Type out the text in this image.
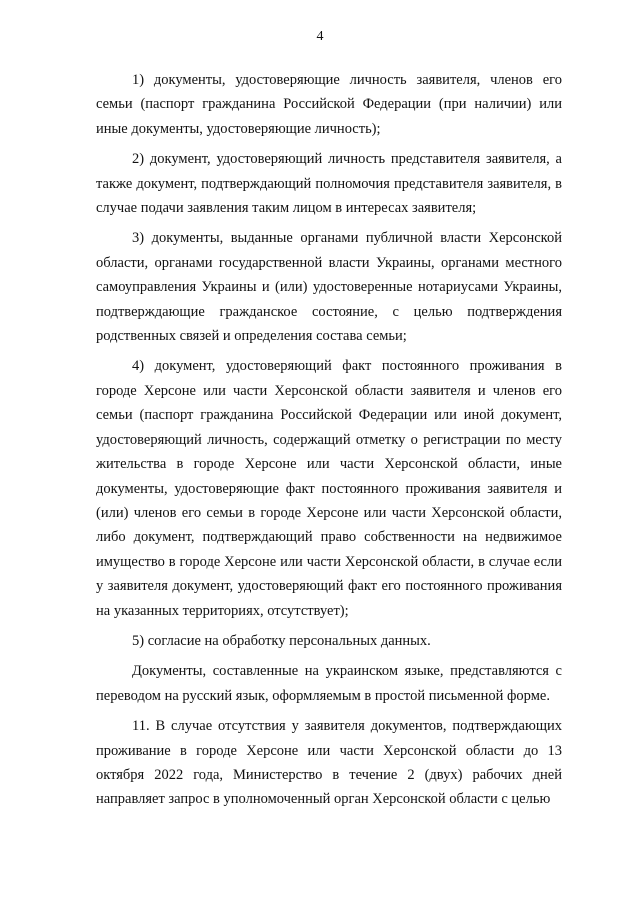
4

1) документы, удостоверяющие личность заявителя, членов его семьи (паспорт гражданина Российской Федерации (при наличии) или иные документы, удостоверяющие личность);

2) документ, удостоверяющий личность представителя заявителя, а также документ, подтверждающий полномочия представителя заявителя, в случае подачи заявления таким лицом в интересах заявителя;

3) документы, выданные органами публичной власти Херсонской области, органами государственной власти Украины, органами местного самоуправления Украины и (или) удостоверенные нотариусами Украины, подтверждающие гражданское состояние, с целью подтверждения родственных связей и определения состава семьи;

4) документ, удостоверяющий факт постоянного проживания в городе Херсоне или части Херсонской области заявителя и членов его семьи (паспорт гражданина Российской Федерации или иной документ, удостоверяющий личность, содержащий отметку о регистрации по месту жительства в городе Херсоне или части Херсонской области, иные документы, удостоверяющие факт постоянного проживания заявителя и (или) членов его семьи в городе Херсоне или части Херсонской области, либо документ, подтверждающий право собственности на недвижимое имущество в городе Херсоне или части Херсонской области, в случае если у заявителя документ, удостоверяющий факт его постоянного проживания на указанных территориях, отсутствует);

5) согласие на обработку персональных данных.

Документы, составленные на украинском языке, представляются с переводом на русский язык, оформляемым в простой письменной форме.

11. В случае отсутствия у заявителя документов, подтверждающих проживание в городе Херсоне или части Херсонской области до 13 октября 2022 года, Министерство в течение 2 (двух) рабочих дней направляет запрос в уполномоченный орган Херсонской области с целью
